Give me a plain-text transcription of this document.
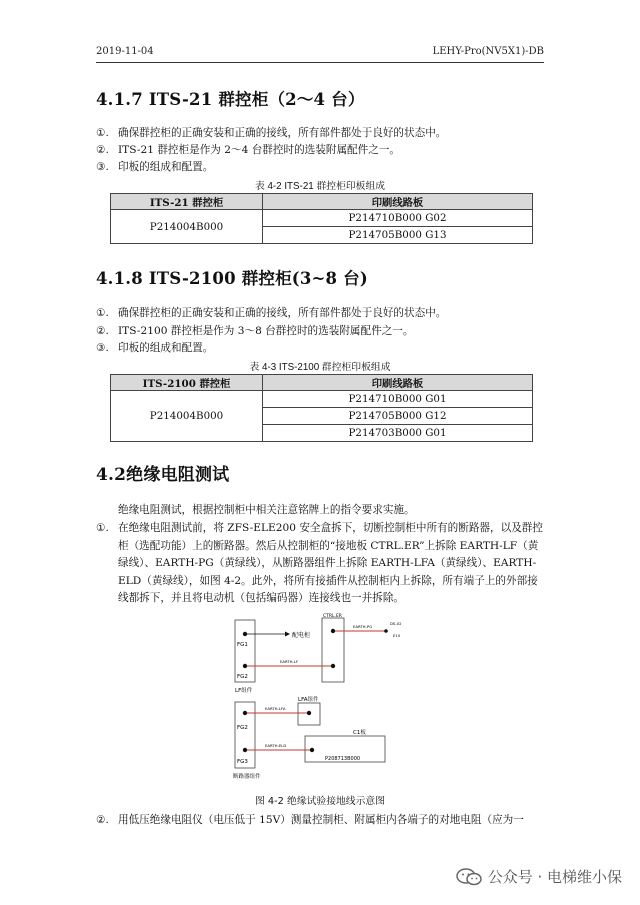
2019-11-04	LEHY-Pro(NV5X1)-DB
4.1.7 ITS-21 群控柜（2～4 台）
①. 确保群控柜的正确安装和正确的接线，所有部件都处于良好的状态中。
②. ITS-21 群控柜是作为 2～4 台群控时的选装附属配件之一。
③. 印板的组成和配置。
表 4-2 ITS-21 群控柜印板组成
ITS-21 群控柜	印刷线路板
P214004B000	P214710B000 G02
	P214705B000 G13
4.1.8 ITS-2100 群控柜(3~8 台)
①. 确保群控柜的正确安装和正确的接线，所有部件都处于良好的状态中。
②. ITS-2100 群控柜是作为 3～8 台群控时的选装附属配件之一。
③. 印板的组成和配置。
表 4-3 ITS-2100 群控柜印板组成
ITS-2100 群控柜	印刷线路板
P214004B000	P214710B000 G01
	P214705B000 G12
	P214703B000 G01
4.2绝缘电阻测试
绝缘电阻测试，根据控制柜中相关注意铭牌上的指令要求实施。
①. 在绝缘电阻测试前，将 ZFS-ELE200 安全盒拆下，切断控制柜中所有的断路器，以及群控柜（选配功能）上的断路器。然后从控制柜的“接地板 CTRL.ER”上拆除 EARTH-LF（黄绿线）、EARTH-PG（黄绿线），从断路器组件上拆除 EARTH-LFA（黄绿线）、EARTH-ELD（黄绿线），如图 4-2。此外，将所有接插件从控制柜内上拆除，所有端子上的外部接线都拆下，并且将电动机（包括编码器）连接线也一并拆除。
FG1
FG2
LF组件
配电柜
CTRL.ER
EARTH-PG
DS-02
E10
EARTH-LF
FG2
FG3
断路器组件
LFA组件
EARTH-LFA
C1板
EARTH-ELD
P208713B000
图 4-2 绝缘试验接地线示意图
②. 用低压绝缘电阻仪（电压低于 15V）测量控制柜、附属柜内各端子的对地电阻（应为一
公众号 · 电梯维小保
